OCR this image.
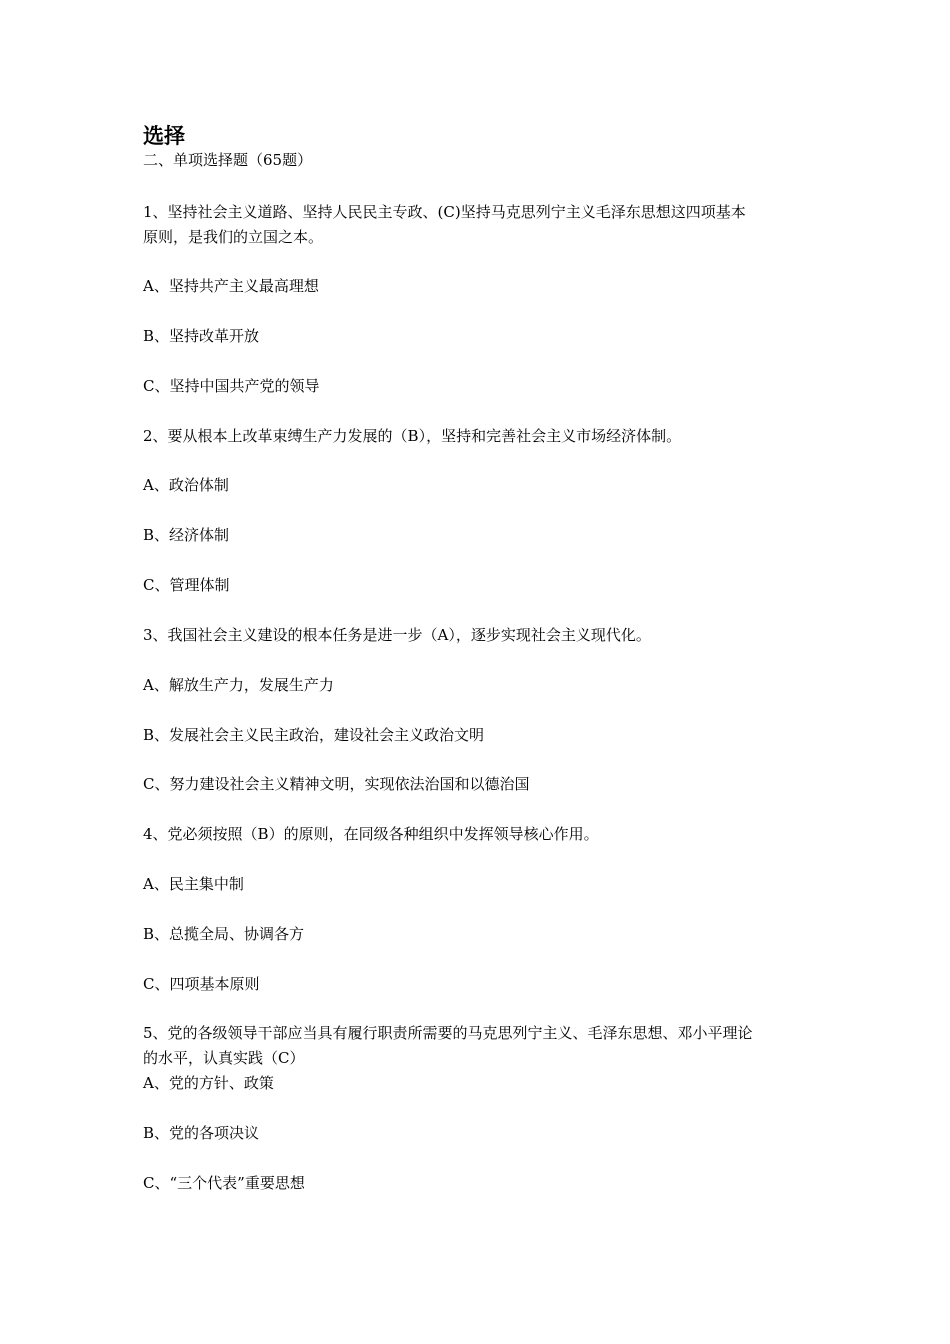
选择
二、单项选择题（65题）
1、坚持社会主义道路、坚持人民民主专政、(C)坚持马克思列宁主义毛泽东思想这四项基本
原则，是我们的立国之本。
A、坚持共产主义最高理想
B、坚持改革开放
C、坚持中国共产党的领导
2、要从根本上改革束缚生产力发展的（B），坚持和完善社会主义市场经济体制。
A、政治体制
B、经济体制
C、管理体制
3、我国社会主义建设的根本任务是进一步（A），逐步实现社会主义现代化。
A、解放生产力，发展生产力
B、发展社会主义民主政治，建设社会主义政治文明
C、努力建设社会主义精神文明，实现依法治国和以德治国
4、党必须按照（B）的原则，在同级各种组织中发挥领导核心作用。
A、民主集中制
B、总揽全局、协调各方
C、四项基本原则
5、党的各级领导干部应当具有履行职责所需要的马克思列宁主义、毛泽东思想、邓小平理论
的水平，认真实践（C）
A、党的方针、政策
B、党的各项决议
C、“三个代表”重要思想
